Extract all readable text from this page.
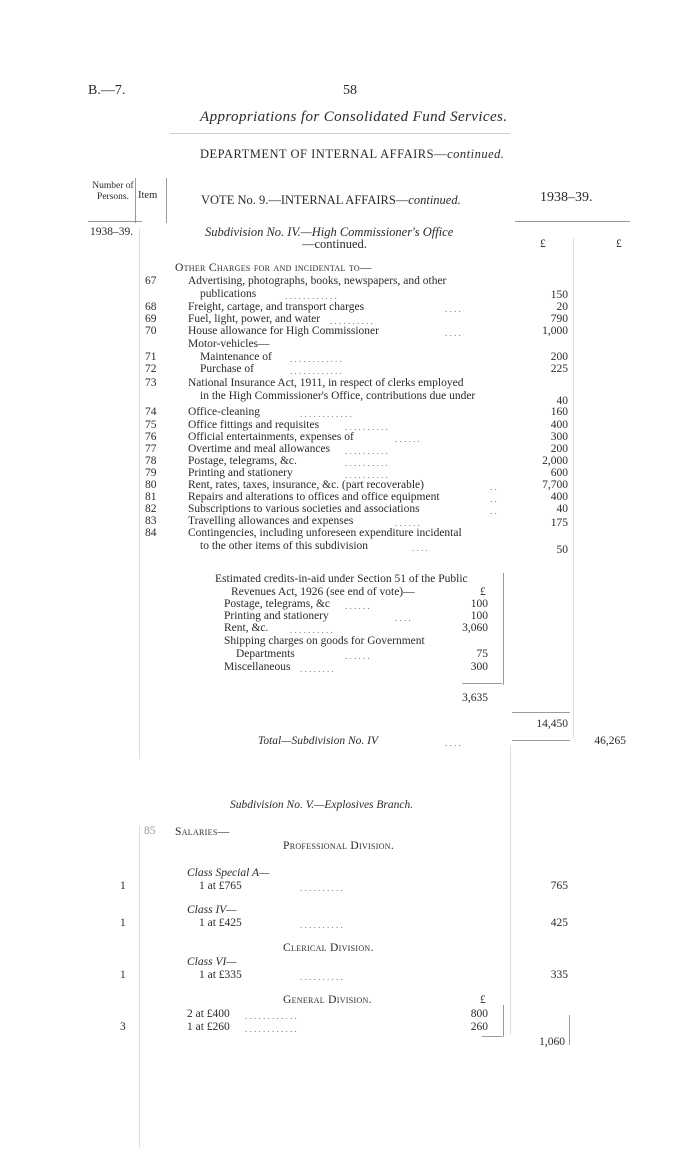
B.—7.	58
Appropriations for Consolidated Fund Services.
DEPARTMENT OF INTERNAL AFFAIRS—continued.
Number of Persons. Item	VOTE No. 9.—INTERNAL AFFAIRS—continued.	1938–39.
1938–39.	Subdivision No. IV.—High Commissioner's Office
—continued.	£	£
Other Charges for and incidental to—
67	Advertising, photographs, books, newspapers, and other
publications	. . . . . . . . . . . .	150
68	Freight, cartage, and transport charges	. . . .	20
69	Fuel, light, power, and water . . . . . . . . . .	790
70	House allowance for High Commissioner	. . . .	1,000
Motor-vehicles—
71	Maintenance of . . . . . . . . . . . .	200
72	Purchase of	. . . . . . . . . . . .	225
73	National Insurance Act, 1911, in respect of clerks employed
in the High Commissioner's Office, contributions due under	40
74	Office-cleaning	. . . . . . . . . . . .	160
75	Office fittings and requisites	. . . . . . . . . .	400
76	Official entertainments, expenses of	. . . . . .	300
77	Overtime and meal allowances . . . . . . . . . .	200
78	Postage, telegrams, &c.	. . . . . . . . . .	2,000
79	Printing and stationery	. . . . . . . . . .	600
80	Rent, rates, taxes, insurance, &c. (part recoverable)	. .	7,700
81	Repairs and alterations to offices and office equipment	. .	400
82	Subscriptions to various societies and associations	. .	40
83	Travelling allowances and expenses	. . . . . .	175
84	Contingencies, including unforeseen expenditure incidental
to the other items of this subdivision	. . . .	50
Estimated credits-in-aid under Section 51 of the Public
Revenues Act, 1926 (see end of vote)—	£
Postage, telegrams, &c . . . . . .	100
Printing and stationery	. . . .	100
Rent, &c. . . . . . . . . . .	3,060
Shipping charges on goods for Government
Departments	. . . . . .	75
Miscellaneous . . . . . . . .	300
3,635
14,450
Total—Subdivision No. IV	. . . .	46,265
Subdivision No. V.—Explosives Branch.
85 Salaries—
Professional Division.
Class Special A—
1	1 at £765	. . . . . . . . . .	765
Class IV—
1	1 at £425	. . . . . . . . . .	425
Clerical Division.
Class VI—
1	1 at £335	. . . . . . . . . .	335
General Division.	£
2 at £400 . . . . . . . . . . . .	800
3	1 at £260 . . . . . . . . . . . .	260
1,060
